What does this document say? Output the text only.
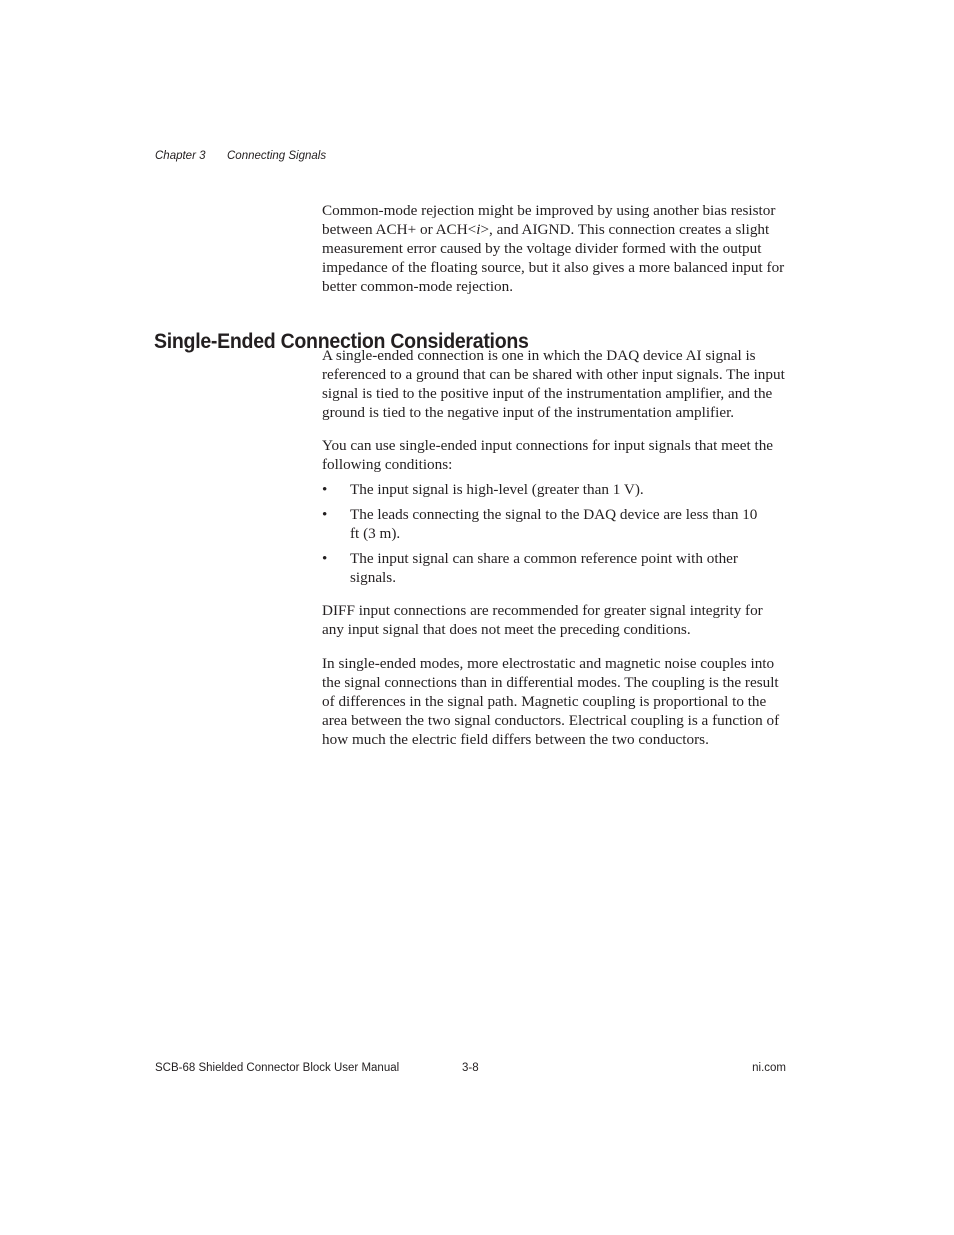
Chapter 3 Connecting Signals

Common-mode rejection might be improved by using another bias resistor between ACH+ or ACH<i>, and AIGND. This connection creates a slight measurement error caused by the voltage divider formed with the output impedance of the floating source, but it also gives a more balanced input for better common-mode rejection.

Single-Ended Connection Considerations

A single-ended connection is one in which the DAQ device AI signal is referenced to a ground that can be shared with other input signals. The input signal is tied to the positive input of the instrumentation amplifier, and the ground is tied to the negative input of the instrumentation amplifier.

You can use single-ended input connections for input signals that meet the following conditions:

• The input signal is high-level (greater than 1 V).
• The leads connecting the signal to the DAQ device are less than 10 ft (3 m).
• The input signal can share a common reference point with other signals.

DIFF input connections are recommended for greater signal integrity for any input signal that does not meet the preceding conditions.

In single-ended modes, more electrostatic and magnetic noise couples into the signal connections than in differential modes. The coupling is the result of differences in the signal path. Magnetic coupling is proportional to the area between the two signal conductors. Electrical coupling is a function of how much the electric field differs between the two conductors.

SCB-68 Shielded Connector Block User Manual	3-8	ni.com
